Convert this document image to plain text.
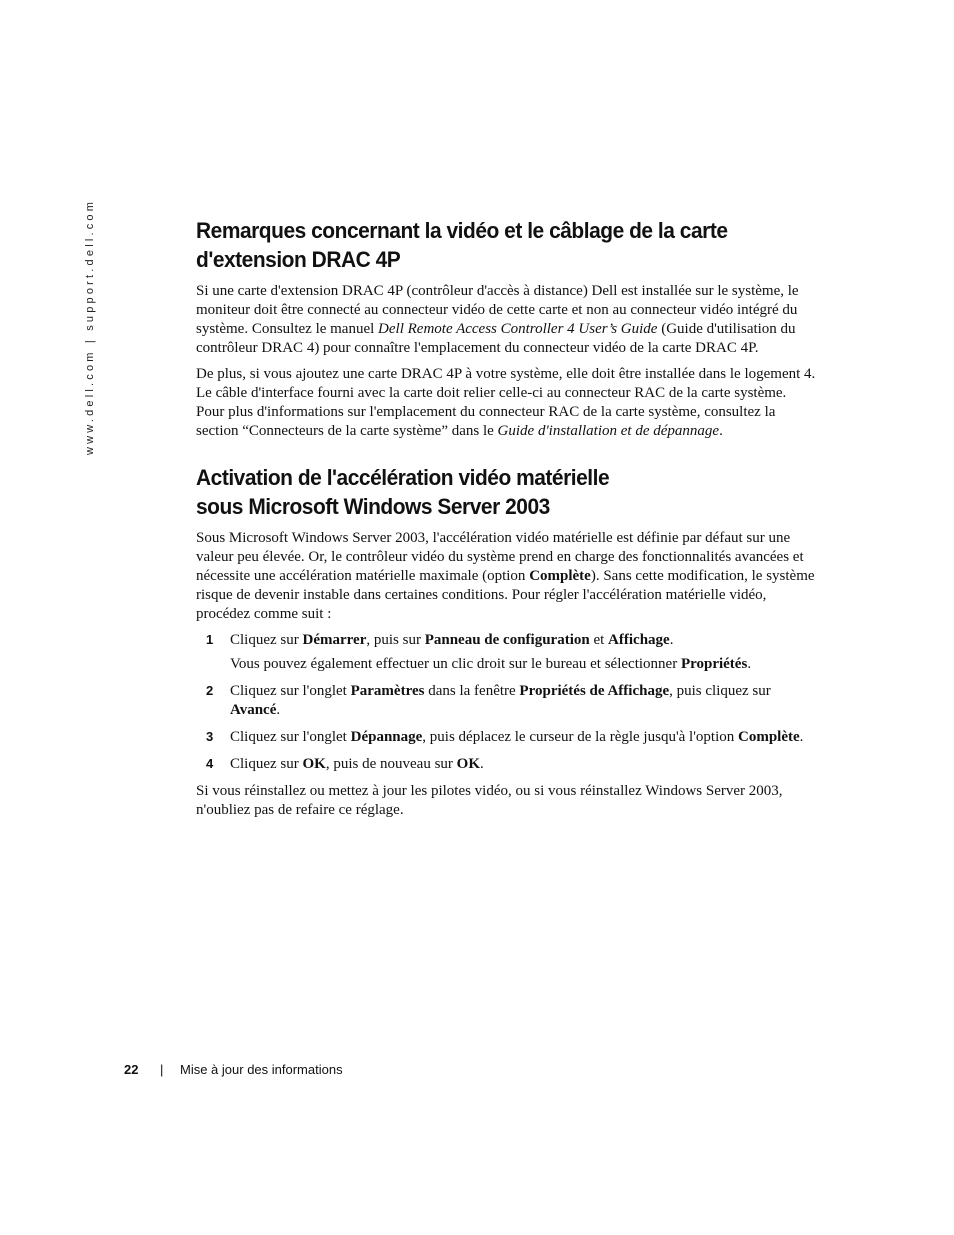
www.dell.com | support.dell.com	Remarques concernant la vidéo et le câblage de la carte
d'extension DRAC 4P

Si une carte d'extension DRAC 4P (contrôleur d'accès à distance) Dell est installée sur le système, le moniteur doit être connecté au connecteur vidéo de cette carte et non au connecteur vidéo intégré du système. Consultez le manuel Dell Remote Access Controller 4 User’s Guide (Guide d'utilisation du contrôleur DRAC 4) pour connaître l'emplacement du connecteur vidéo de la carte DRAC 4P.

De plus, si vous ajoutez une carte DRAC 4P à votre système, elle doit être installée dans le logement 4. Le câble d'interface fourni avec la carte doit relier celle-ci au connecteur RAC de la carte système. Pour plus d'informations sur l'emplacement du connecteur RAC de la carte système, consultez la section “Connecteurs de la carte système” dans le Guide d'installation et de dépannage.

Activation de l'accélération vidéo matérielle
sous Microsoft Windows Server 2003

Sous Microsoft Windows Server 2003, l'accélération vidéo matérielle est définie par défaut sur une valeur peu élevée. Or, le contrôleur vidéo du système prend en charge des fonctionnalités avancées et nécessite une accélération matérielle maximale (option Complète). Sans cette modification, le système risque de devenir instable dans certaines conditions. Pour régler l'accélération matérielle vidéo, procédez comme suit :

1 Cliquez sur Démarrer, puis sur Panneau de configuration et Affichage.

Vous pouvez également effectuer un clic droit sur le bureau et sélectionner Propriétés.

2 Cliquez sur l'onglet Paramètres dans la fenêtre Propriétés de Affichage, puis cliquez sur Avancé.

3 Cliquez sur l'onglet Dépannage, puis déplacez le curseur de la règle jusqu'à l'option Complète.

4 Cliquez sur OK, puis de nouveau sur OK.

Si vous réinstallez ou mettez à jour les pilotes vidéo, ou si vous réinstallez Windows Server 2003, n'oubliez pas de refaire ce réglage.

22 | Mise à jour des informations
